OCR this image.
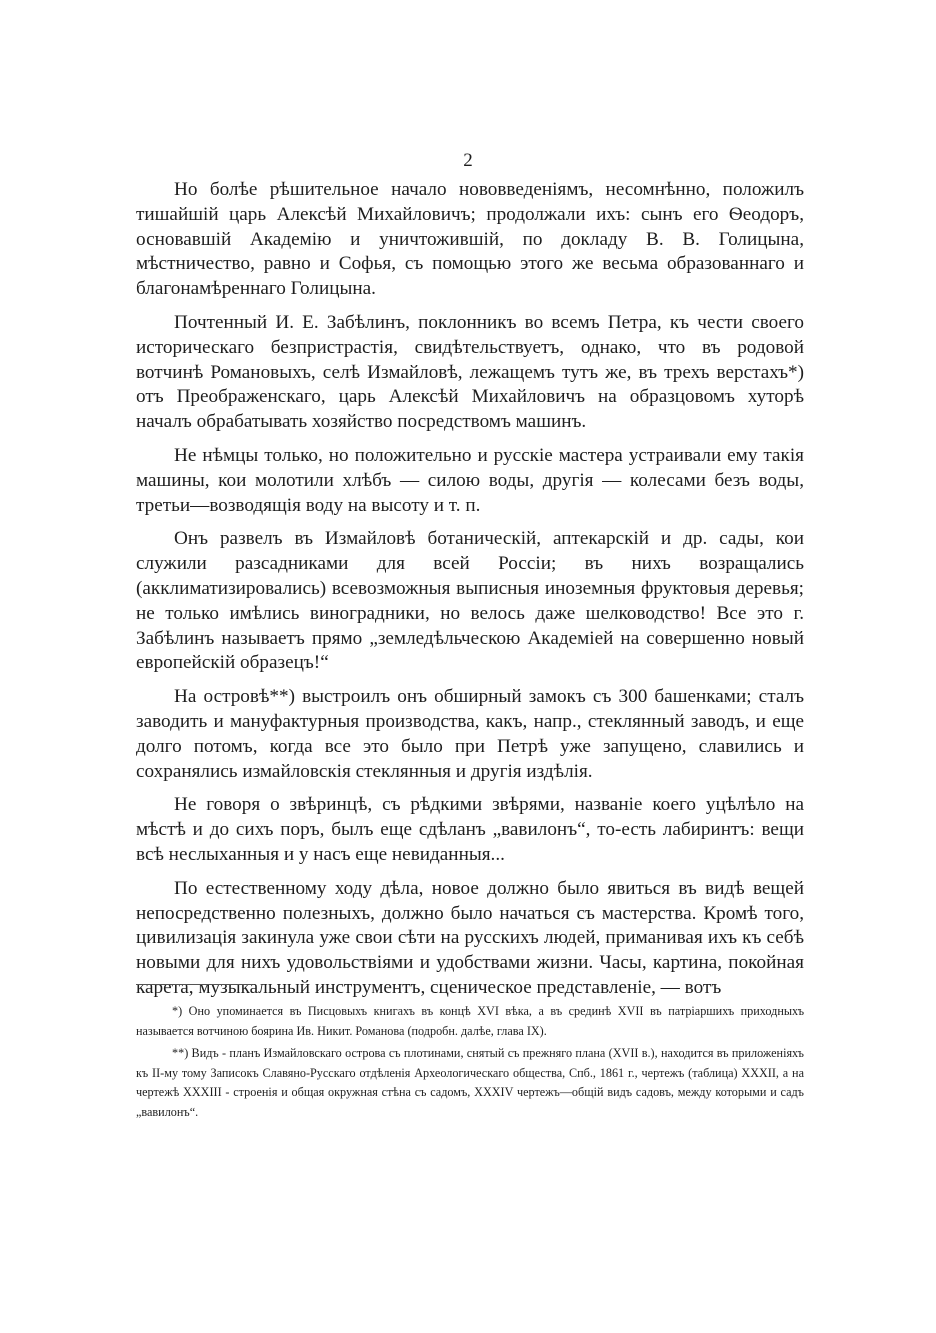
2

Но болѣе рѣшительное начало нововведеніямъ, несомнѣнно, положилъ тишайшій царь Алексѣй Михайловичъ; продолжали ихъ: сынъ его Ѳеодоръ, основавшій Академію и уничтожившій, по докладу В. В. Голицына, мѣстничество, равно и Софья, съ помощью этого же весьма образованнаго и благонамѣреннаго Голицына.

Почтенный И. Е. Забѣлинъ, поклонникъ во всемъ Петра, къ чести своего историческаго безпристрастія, свидѣтельствуетъ, однако, что въ родовой вотчинѣ Романовыхъ, селѣ Измайловѣ, лежащемъ тутъ же, въ трехъ верстахъ*) отъ Преображенскаго, царь Алексѣй Михайловичъ на образцовомъ хуторѣ началъ обрабатывать хозяйство посредствомъ машинъ.

Не нѣмцы только, но положительно и русскіе мастера устраивали ему такія машины, кои молотили хлѣбъ — силою воды, другія — колесами безъ воды, третьи—возводящія воду на высоту и т. п.

Онъ развелъ въ Измайловѣ ботаническій, аптекарскій и др. сады, кои служили разсадниками для всей Россіи; въ нихъ возращались (акклиматизировались) всевозможныя выписныя иноземныя фруктовыя деревья; не только имѣлись виноградники, но велось даже шелководство! Все это г. Забѣлинъ называетъ прямо „земледѣльческою Академіей на совершенно новый европейскій образецъ!“

На островѣ**) выстроилъ онъ обширный замокъ съ 300 башенками; сталъ заводить и мануфактурныя производства, какъ, напр., стеклянный заводъ, и еще долго потомъ, когда все это было при Петрѣ уже запущено, славились и сохранялись измайловскія стеклянныя и другія издѣлія.

Не говоря о звѣринцѣ, съ рѣдкими звѣрями, названіе коего уцѣлѣло на мѣстѣ и до сихъ поръ, былъ еще сдѣланъ „вавилонъ“, то-есть лабиринтъ: вещи всѣ неслыханныя и у насъ еще невиданныя...

По естественному ходу дѣла, новое должно было явиться въ видѣ вещей непосредственно полезныхъ, должно было начаться съ мастерства. Кромѣ того, цивилизація закинула уже свои сѣти на русскихъ людей, приманивая ихъ къ себѣ новыми для нихъ удовольствіями и удобствами жизни. Часы, картина, покойная карета, музыкальный инструментъ, сценическое представленіе, — вотъ

*) Оно упоминается въ Писцовыхъ книгахъ въ концѣ XVI вѣка, а въ срединѣ XVII въ патріаршихъ приходныхъ называется вотчиною боярина Ив. Никит. Романова (подробн. далѣе, глава IX).

**) Видъ - планъ Измайловскаго острова съ плотинами, снятый съ прежняго плана (XVII в.), находится въ приложеніяхъ къ II-му тому Записокъ Славяно-Русскаго отдѣленія Археологическаго общества, Спб., 1861 г., чертежъ (таблица) XXXII, а на чертежѣ XXXIII - строенія и общая окружная стѣна съ садомъ, XXXIV чертежъ—общій видъ садовъ, между которыми и садъ „вавилонъ“.
